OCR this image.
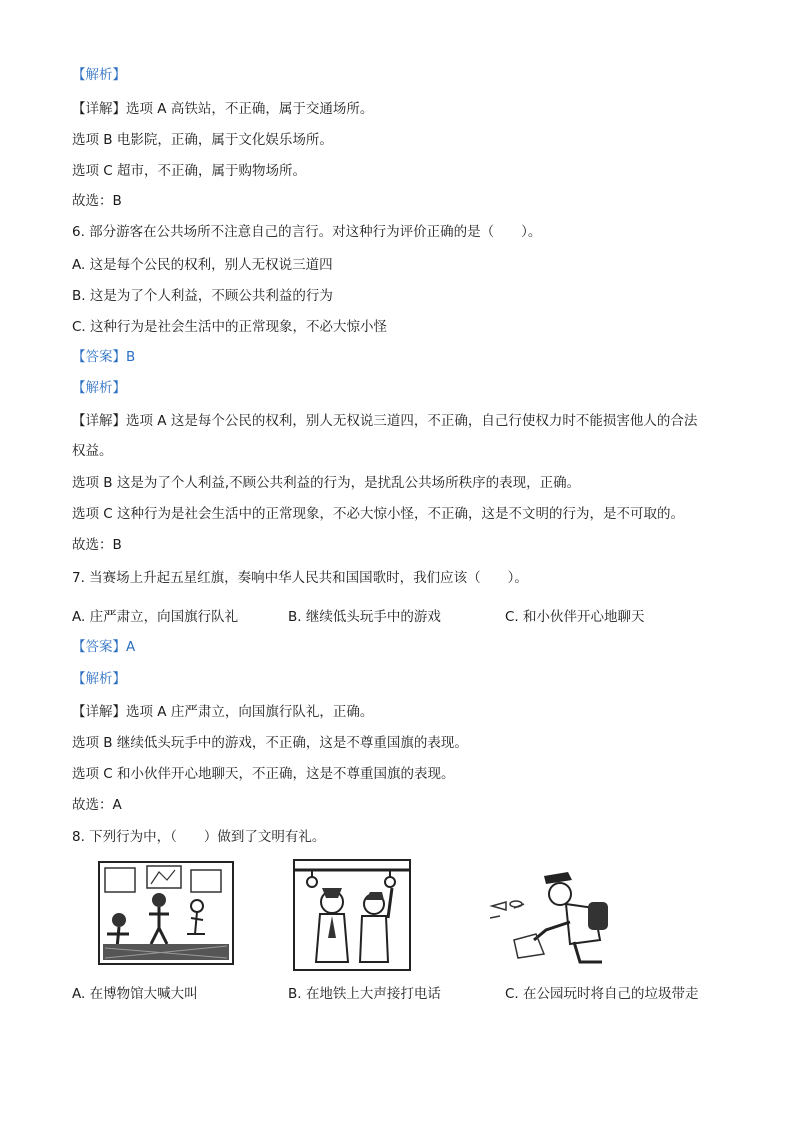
【解析】
【详解】选项 A 高铁站，不正确，属于交通场所。
选项 B 电影院，正确，属于文化娱乐场所。
选项 C 超市，不正确，属于购物场所。
故选：B
6. 部分游客在公共场所不注意自己的言行。对这种行为评价正确的是（　　）。
A. 这是每个公民的权利，别人无权说三道四
B. 这是为了个人利益，不顾公共利益的行为
C. 这种行为是社会生活中的正常现象，不必大惊小怪
【答案】B
【解析】
【详解】选项 A 这是每个公民的权利，别人无权说三道四，不正确，自己行使权力时不能损害他人的合法
权益。
选项 B 这是为了个人利益,不顾公共利益的行为，是扰乱公共场所秩序的表现，正确。
选项 C 这种行为是社会生活中的正常现象，不必大惊小怪，不正确，这是不文明的行为，是不可取的。
故选：B
7. 当赛场上升起五星红旗，奏响中华人民共和国国歌时，我们应该（　　）。
A. 庄严肃立，向国旗行队礼	B. 继续低头玩手中的游戏	C. 和小伙伴开心地聊天
【答案】A
【解析】
【详解】选项 A 庄严肃立，向国旗行队礼，正确。
选项 B 继续低头玩手中的游戏，不正确，这是不尊重国旗的表现。
选项 C 和小伙伴开心地聊天，不正确，这是不尊重国旗的表现。
故选：A
8. 下列行为中，（　　）做到了文明有礼。
A. 在博物馆大喊大叫	B. 在地铁上大声接打电话	C. 在公园玩时将自己的垃圾带走
